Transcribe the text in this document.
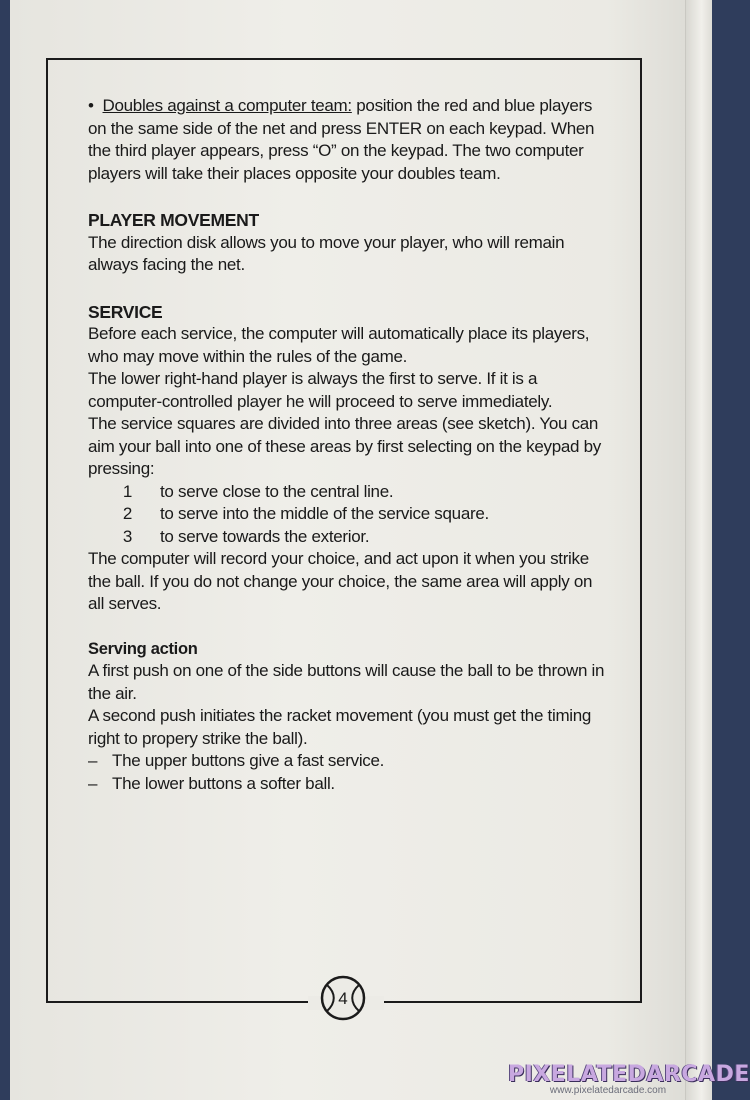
4

• Doubles against a computer team: position the red and blue players on the same side of the net and press ENTER on each keypad. When the third player appears, press “O” on the keypad. The two computer players will take their places opposite your doubles team.

PLAYER MOVEMENT

The direction disk allows you to move your player, who will remain always facing the net.

SERVICE

Before each service, the computer will automatically place its players, who may move within the rules of the game.

The lower right-hand player is always the first to serve. If it is a computer-controlled player he will proceed to serve immediately.

The service squares are divided into three areas (see sketch). You can aim your ball into one of these areas by first selecting on the keypad by pressing:

1	to serve close to the central line.
2	to serve into the middle of the service square.
3	to serve towards the exterior.

The computer will record your choice, and act upon it when you strike the ball. If you do not change your choice, the same area will apply on all serves.

Serving action

A first push on one of the side buttons will cause the ball to be thrown in the air.

A second push initiates the racket movement (you must get the timing right to propery strike the ball).

– The upper buttons give a fast service.
– The lower buttons a softer ball.
PIXELATEDARCADE
www.pixelatedarcade.com
